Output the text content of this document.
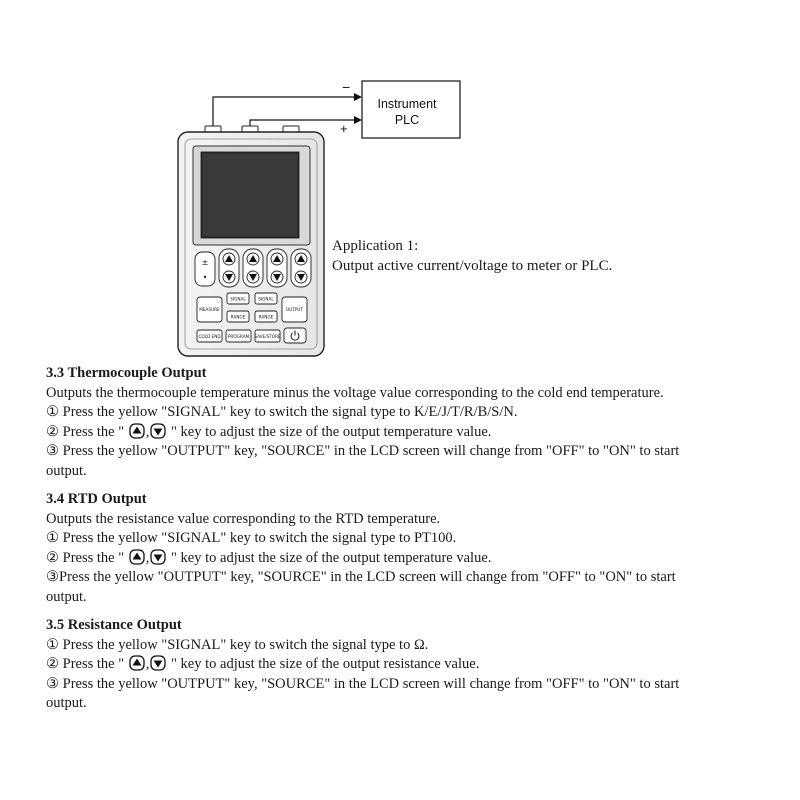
Instrument
PLC
−
+
±
•
MEASURE
SIGNAL	SIGNAL
OUTPUT
RANGE	RANGE
COLD END PROGRAM SAVE/STORE
Application 1:
Output active current/voltage to meter or PLC.
3.3 Thermocouple Output

Outputs the thermocouple temperature minus the voltage value corresponding to the cold end temperature.

① Press the yellow "SIGNAL" key to switch the signal type to K/E/J/T/R/B/S/N.

② Press the " , " key to adjust the size of the output temperature value.

③ Press the yellow "OUTPUT" key, "SOURCE" in the LCD screen will change from "OFF" to "ON" to start

output.

3.4 RTD Output

Outputs the resistance value corresponding to the RTD temperature.

① Press the yellow "SIGNAL" key to switch the signal type to PT100.

② Press the " , " key to adjust the size of the output temperature value.

③Press the yellow "OUTPUT" key, "SOURCE" in the LCD screen will change from "OFF" to "ON" to start

output.

3.5 Resistance Output

① Press the yellow "SIGNAL" key to switch the signal type to Ω.

② Press the " , " key to adjust the size of the output resistance value.

③ Press the yellow "OUTPUT" key, "SOURCE" in the LCD screen will change from "OFF" to "ON" to start

output.
